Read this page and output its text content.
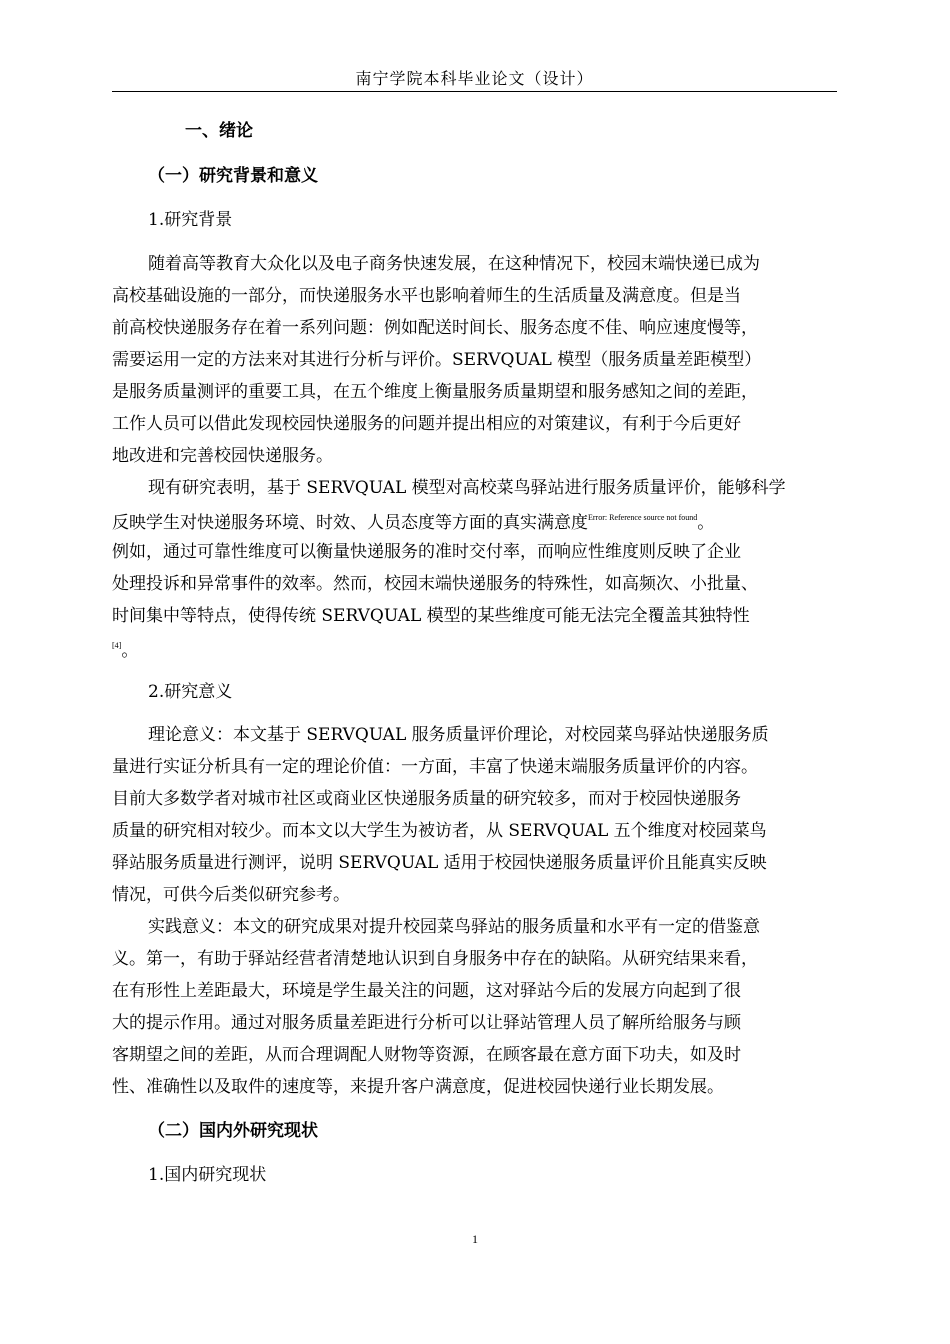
南宁学院本科毕业论文（设计）
一、绪论
（一）研究背景和意义
1.研究背景
随着高等教育大众化以及电子商务快速发展，在这种情况下，校园末端快递已成为
高校基础设施的一部分，而快递服务水平也影响着师生的生活质量及满意度。但是当
前高校快递服务存在着一系列问题：例如配送时间长、服务态度不佳、响应速度慢等，
需要运用一定的方法来对其进行分析与评价。SERVQUAL 模型（服务质量差距模型）
是服务质量测评的重要工具，在五个维度上衡量服务质量期望和服务感知之间的差距，
工作人员可以借此发现校园快递服务的问题并提出相应的对策建议，有利于今后更好
地改进和完善校园快递服务。
现有研究表明，基于 SERVQUAL 模型对高校菜鸟驿站进行服务质量评价，能够科学
反映学生对快递服务环境、时效、人员态度等方面的真实满意度$^{Error: Reference source not found}$。
例如，通过可靠性维度可以衡量快递服务的准时交付率，而响应性维度则反映了企业
处理投诉和异常事件的效率。然而，校园末端快递服务的特殊性，如高频次、小批量、
时间集中等特点，使得传统 SERVQUAL 模型的某些维度可能无法完全覆盖其独特性
[4]。
2.研究意义
理论意义：本文基于 SERVQUAL 服务质量评价理论，对校园菜鸟驿站快递服务质
量进行实证分析具有一定的理论价值：一方面，丰富了快递末端服务质量评价的内容。
目前大多数学者对城市社区或商业区快递服务质量的研究较多，而对于校园快递服务
质量的研究相对较少。而本文以大学生为被访者，从 SERVQUAL 五个维度对校园菜鸟
驿站服务质量进行测评，说明 SERVQUAL 适用于校园快递服务质量评价且能真实反映
情况，可供今后类似研究参考。
实践意义：本文的研究成果对提升校园菜鸟驿站的服务质量和水平有一定的借鉴意
义。第一，有助于驿站经营者清楚地认识到自身服务中存在的缺陷。从研究结果来看，
在有形性上差距最大，环境是学生最关注的问题，这对驿站今后的发展方向起到了很
大的提示作用。通过对服务质量差距进行分析可以让驿站管理人员了解所给服务与顾
客期望之间的差距，从而合理调配人财物等资源，在顾客最在意方面下功夫，如及时
性、准确性以及取件的速度等，来提升客户满意度，促进校园快递行业长期发展。
（二）国内外研究现状
1.国内研究现状
1
